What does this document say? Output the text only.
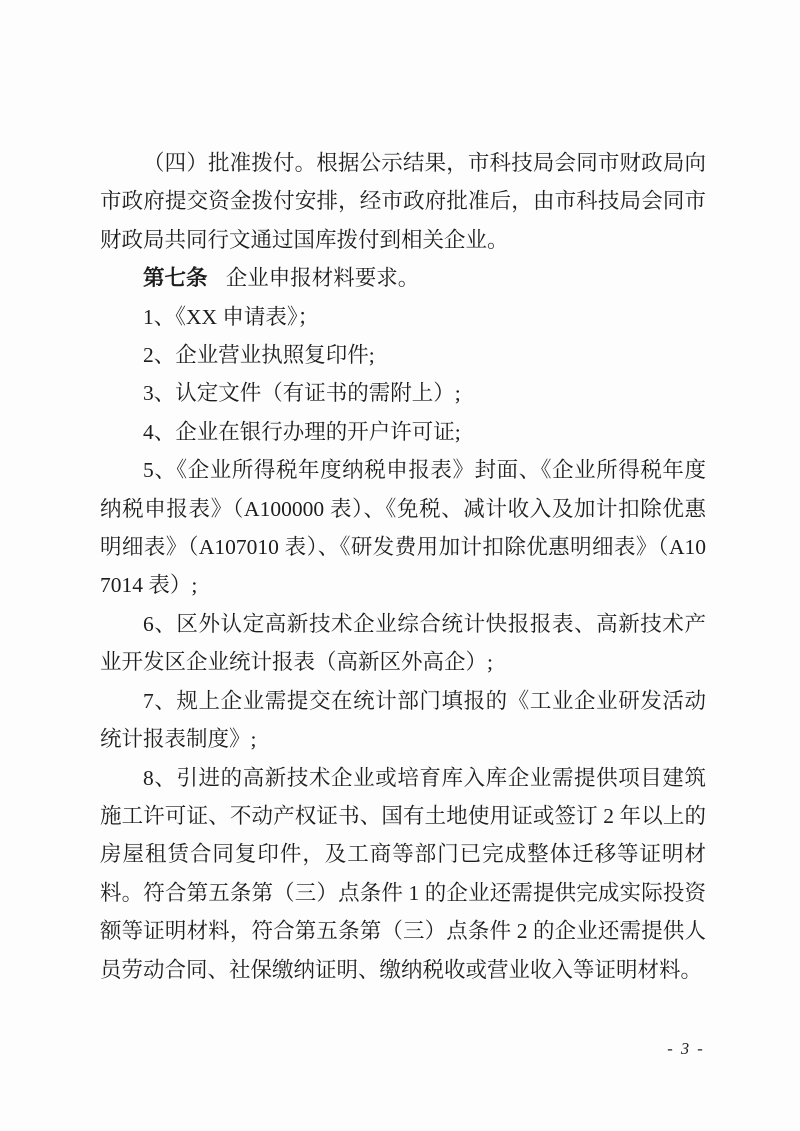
（四）批准拨付。根据公示结果，市科技局会同市财政局向市政府提交资金拨付安排，经市政府批准后，由市科技局会同市财政局共同行文通过国库拨付到相关企业。

第七条 企业申报材料要求。

1、《XX 申请表》；

2、企业营业执照复印件;

3、认定文件（有证书的需附上）;

4、企业在银行办理的开户许可证;

5、《企业所得税年度纳税申报表》封面、《企业所得税年度纳税申报表》（A100000 表）、《免税、减计收入及加计扣除优惠明细表》（A107010 表）、《研发费用加计扣除优惠明细表》（A107014 表）;

6、区外认定高新技术企业综合统计快报报表、高新技术产业开发区企业统计报表（高新区外高企）;

7、规上企业需提交在统计部门填报的《工业企业研发活动统计报表制度》;

8、引进的高新技术企业或培育库入库企业需提供项目建筑施工许可证、不动产权证书、国有土地使用证或签订 2 年以上的房屋租赁合同复印件，及工商等部门已完成整体迁移等证明材料。符合第五条第（三）点条件 1 的企业还需提供完成实际投资额等证明材料，符合第五条第（三）点条件 2 的企业还需提供人员劳动合同、社保缴纳证明、缴纳税收或营业收入等证明材料。

- 3 -
